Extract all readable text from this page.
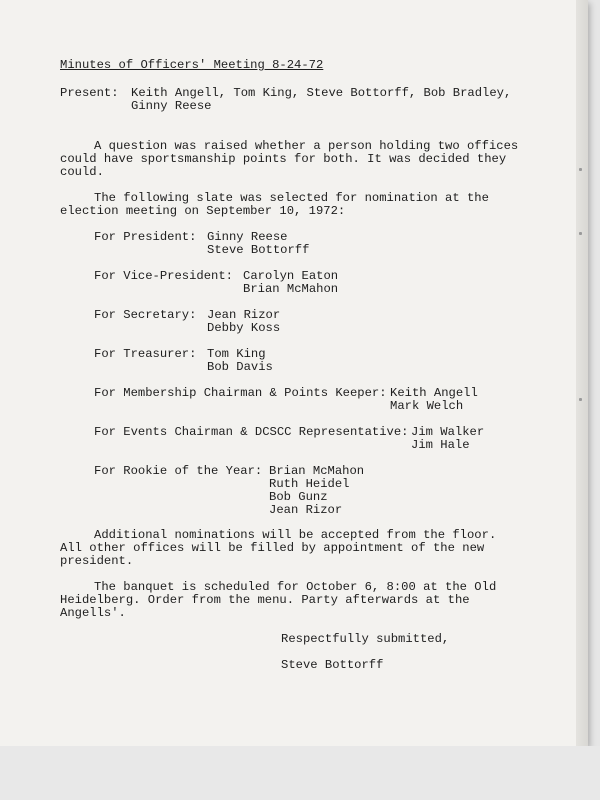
Minutes of Officers' Meeting 8-24-72
Present: Keith Angell, Tom King, Steve Bottorff, Bob Bradley,
Ginny Reese
A question was raised whether a person holding two offices
could have sportsmanship points for both. It was decided they
could.
The following slate was selected for nomination at the
election meeting on September 10, 1972:
For President: Ginny Reese
Steve Bottorff
For Vice-President: Carolyn Eaton
Brian McMahon
For Secretary: Jean Rizor
Debby Koss
For Treasurer: Tom King
Bob Davis
For Membership Chairman & Points Keeper: Keith Angell
Mark Welch
For Events Chairman & DCSCC Representative: Jim Walker
Jim Hale
For Rookie of the Year: Brian McMahon
Ruth Heidel
Bob Gunz
Jean Rizor
Additional nominations will be accepted from the floor.
All other offices will be filled by appointment of the new
president.
The banquet is scheduled for October 6, 8:00 at the Old
Heidelberg. Order from the menu. Party afterwards at the
Angells'.
Respectfully submitted,
Steve Bottorff
